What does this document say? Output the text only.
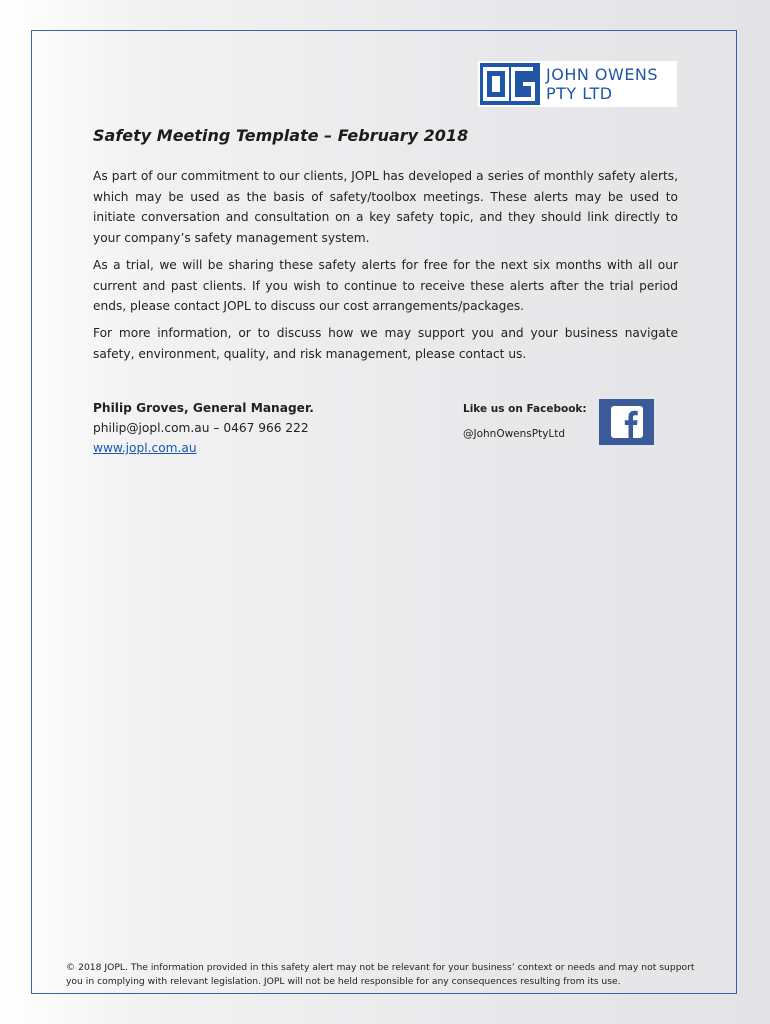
JOHN OWENS
PTY LTD
Safety Meeting Template – February 2018

As part of our commitment to our clients, JOPL has developed a series of monthly safety alerts, which may be used as the basis of safety/toolbox meetings. These alerts may be used to initiate conversation and consultation on a key safety topic, and they should link directly to your company’s safety management system.

As a trial, we will be sharing these safety alerts for free for the next six months with all our current and past clients. If you wish to continue to receive these alerts after the trial period ends, please contact JOPL to discuss our cost arrangements/packages.

For more information, or to discuss how we may support you and your business navigate safety, environment, quality, and risk management, please contact us.

Philip Groves, General Manager.
philip@jopl.com.au – 0467 966 222
www.jopl.com.au
Like us on Facebook:
@JohnOwensPtyLtd
© 2018 JOPL. The information provided in this safety alert may not be relevant for your business’ context or needs and may not support you in complying with relevant legislation. JOPL will not be held responsible for any consequences resulting from its use.
